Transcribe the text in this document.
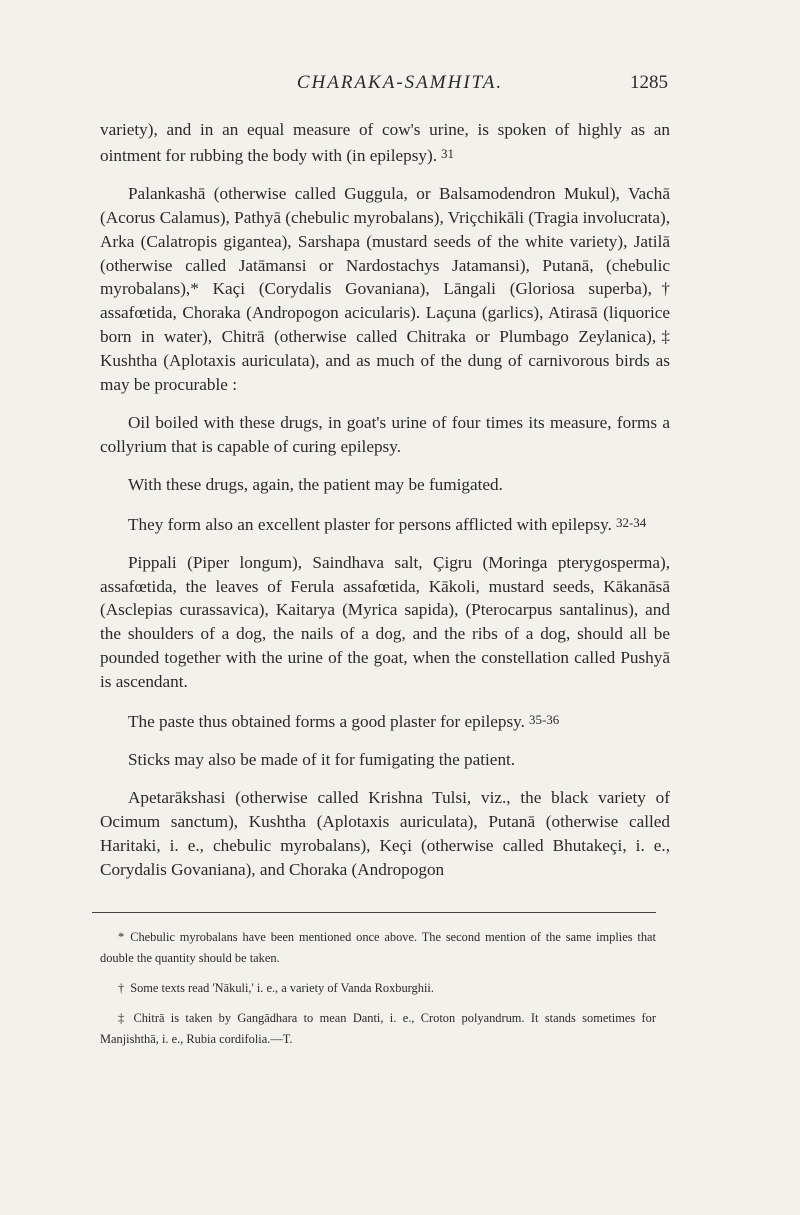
CHARAKA-SAMHITA.	1285

variety), and in an equal measure of cow's urine, is spoken of highly as an ointment for rubbing the body with (in epilepsy). 31

Palankashā (otherwise called Guggula, or Balsamodendron Mukul), Vachā (Acorus Calamus), Pathyā (chebulic myrobalans), Vriçchikāli (Tragia involucrata), Arka (Calatropis gigantea), Sarshapa (mustard seeds of the white variety), Jatilā (otherwise called Jatāmansi or Nardostachys Jatamansi), Putanā, (chebulic myrobalans),* Kaçi (Corydalis Govaniana), Lāngali (Gloriosa superba),† assafœtida, Choraka (Andropogon acicularis). Laçuna (garlics), Atirasā (liquorice born in water), Chitrā (otherwise called Chitraka or Plumbago Zeylanica),‡ Kushtha (Aplotaxis auriculata), and as much of the dung of carnivorous birds as may be procurable :

Oil boiled with these drugs, in goat's urine of four times its measure, forms a collyrium that is capable of curing epilepsy.

With these drugs, again, the patient may be fumigated.

They form also an excellent plaster for persons afflicted with epilepsy. 32-34

Pippali (Piper longum), Saindhava salt, Çigru (Moringa pterygosperma), assafœtida, the leaves of Ferula assafœtida, Kākoli, mustard seeds, Kākanāsā (Asclepias curassavica), Kaitarya (Myrica sapida), (Pterocarpus santalinus), and the shoulders of a dog, the nails of a dog, and the ribs of a dog, should all be pounded together with the urine of the goat, when the constellation called Pushyā is ascendant.

The paste thus obtained forms a good plaster for epilepsy. 35-36

Sticks may also be made of it for fumigating the patient.

Apetarākshasi (otherwise called Krishna Tulsi, viz., the black variety of Ocimum sanctum), Kushtha (Aplotaxis auriculata), Putanā (otherwise called Haritaki, i. e., chebulic myrobalans), Keçi (otherwise called Bhutakeçi, i. e., Corydalis Govaniana), and Choraka (Andropogon

* Chebulic myrobalans have been mentioned once above. The second mention of the same implies that double the quantity should be taken.

† Some texts read 'Nākuli,' i. e., a variety of Vanda Roxburghii.

‡ Chitrā is taken by Gangādhara to mean Danti, i. e., Croton polyandrum. It stands sometimes for Manjishthā, i. e., Rubia cordifolia.—T.
